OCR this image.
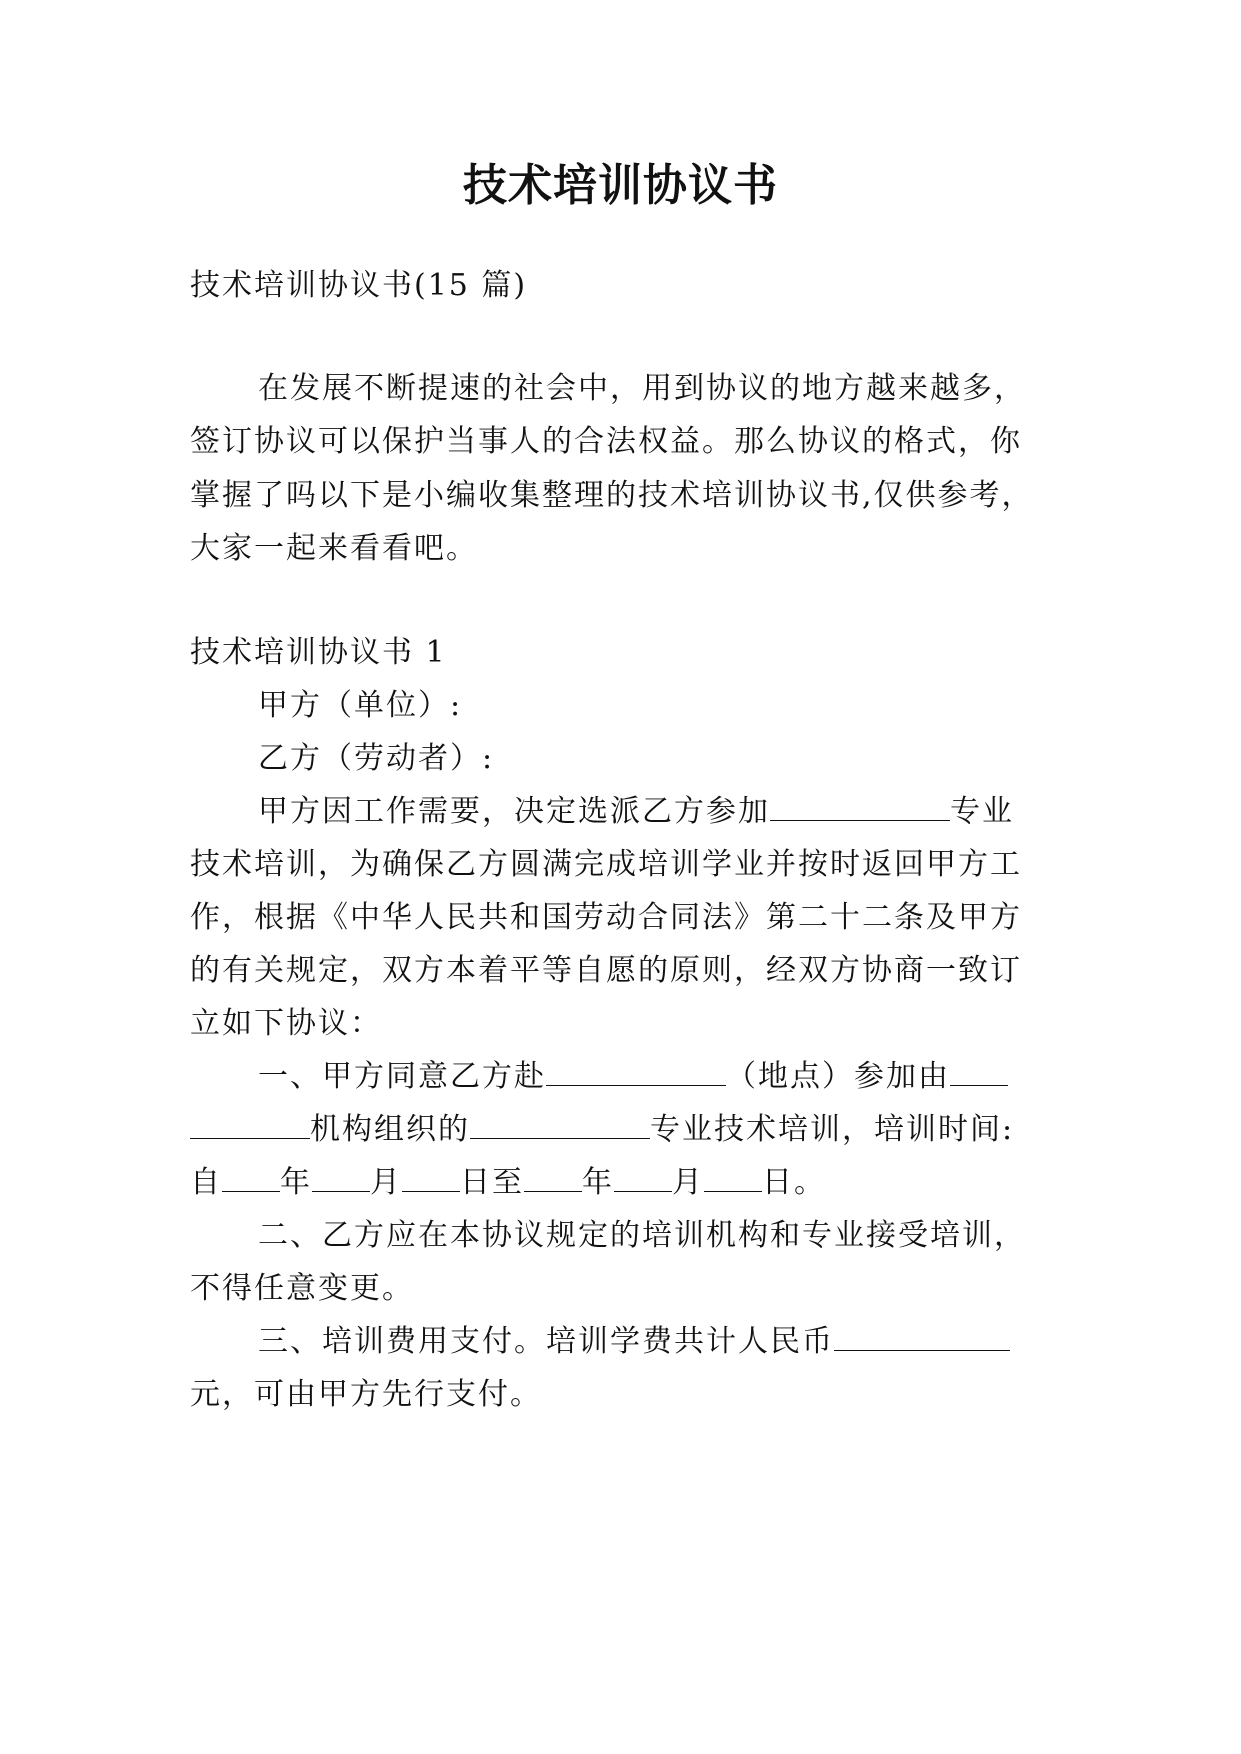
技术培训协议书
技术培训协议书(15 篇)
在发展不断提速的社会中，用到协议的地方越来越多，
签订协议可以保护当事人的合法权益。那么协议的格式，你
掌握了吗以下是小编收集整理的技术培训协议书,仅供参考，
大家一起来看看吧。
技术培训协议书 1
甲方（单位）:
乙方（劳动者）:
甲方因工作需要，决定选派乙方参加	专业
技术培训，为确保乙方圆满完成培训学业并按时返回甲方工
作，根据《中华人民共和国劳动合同法》第二十二条及甲方
的有关规定，双方本着平等自愿的原则，经双方协商一致订
立如下协议：
一、甲方同意乙方赴	（地点）参加由
机构组织的	专业技术培训，培训时间:
自 年 月 日至 年 月 日。
二、乙方应在本协议规定的培训机构和专业接受培训，
不得任意变更。
三、培训费用支付。培训学费共计人民币
元，可由甲方先行支付。
